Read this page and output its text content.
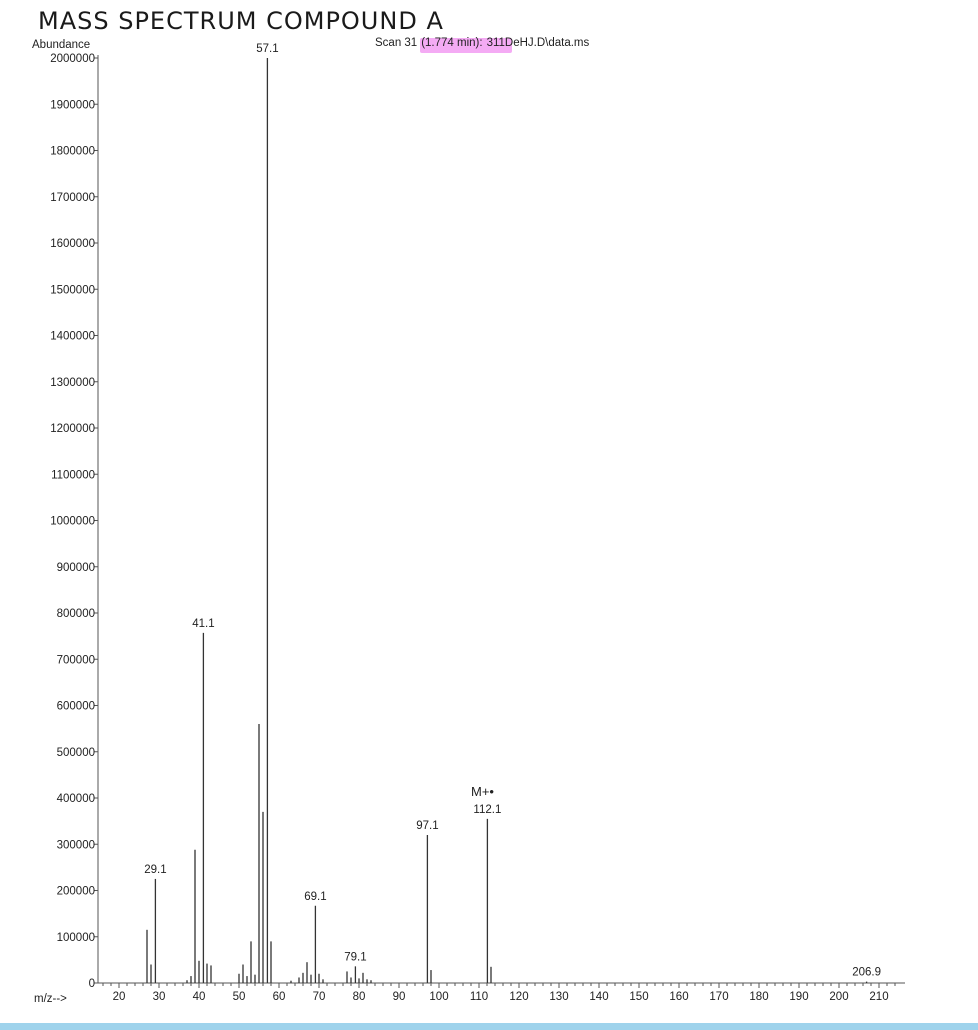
MASS SPECTRUM COMPOUND A
Abundance	Scan 31 (1.774 min): 311DeHJ.D\data.ms
0
100000
200000
300000
400000
500000
600000
700000
800000
900000
1000000
1100000
1200000
1300000
1400000
1500000
1600000
1700000
1800000
1900000
2000000
20 30 40 50 60 70 80 90 100 110 120 130 140 150 160 170 180 190 200 210
29.1
41.1
57.1
69.1
79.1
97.1
112.1
206.9
M+•
m/z-->
